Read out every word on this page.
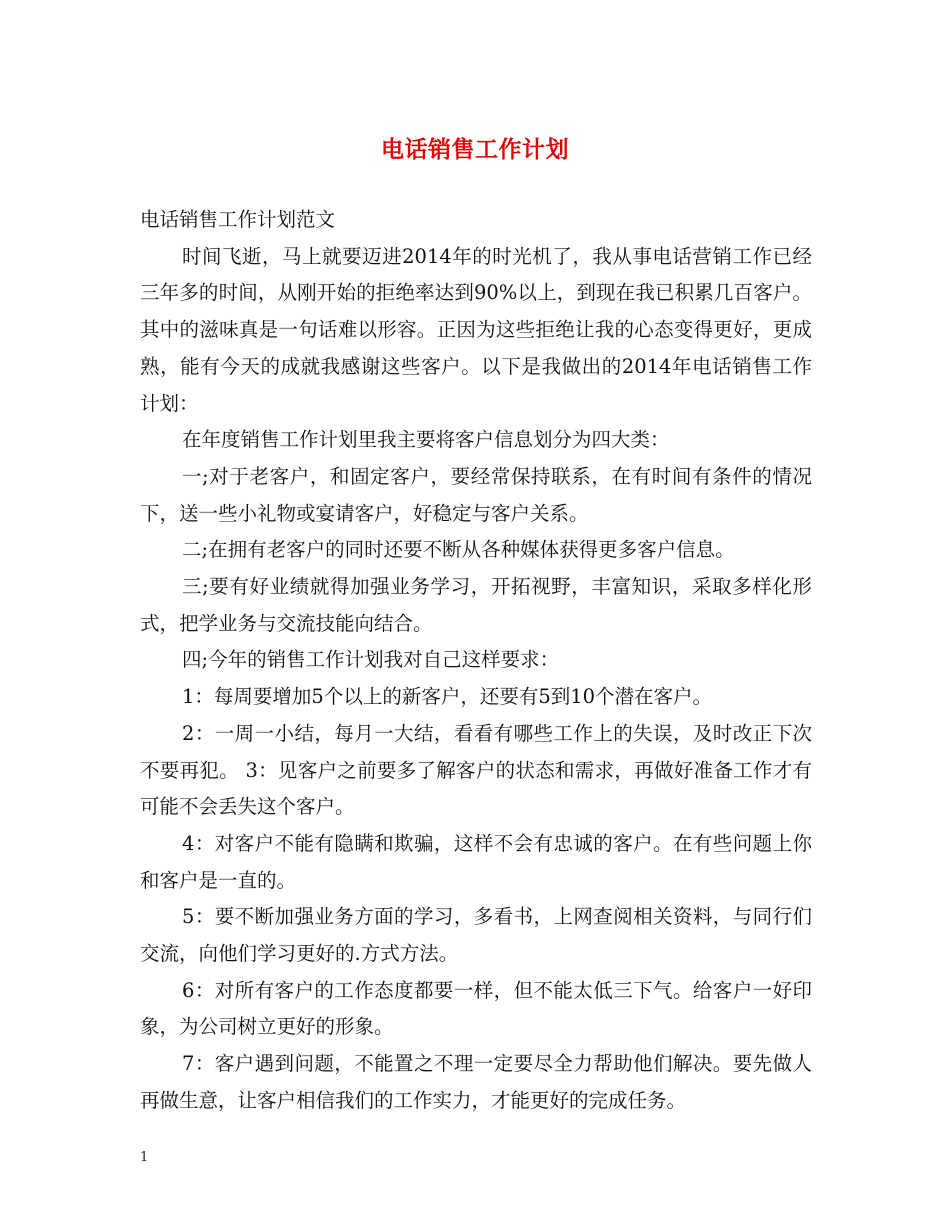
电话销售工作计划

电话销售工作计划范文

时间飞逝，马上就要迈进2014年的时光机了，我从事电话营销工作已经三年多的时间，从刚开始的拒绝率达到90%以上，到现在我已积累几百客户。其中的滋味真是一句话难以形容。正因为这些拒绝让我的心态变得更好，更成熟，能有今天的成就我感谢这些客户。以下是我做出的2014年电话销售工作计划：

在年度销售工作计划里我主要将客户信息划分为四大类：

一;对于老客户，和固定客户，要经常保持联系，在有时间有条件的情况下，送一些小礼物或宴请客户，好稳定与客户关系。

二;在拥有老客户的同时还要不断从各种媒体获得更多客户信息。

三;要有好业绩就得加强业务学习，开拓视野，丰富知识，采取多样化形式，把学业务与交流技能向结合。

四;今年的销售工作计划我对自己这样要求：

1：每周要增加5个以上的新客户，还要有5到10个潜在客户。

2：一周一小结，每月一大结，看看有哪些工作上的失误，及时改正下次不要再犯。 3：见客户之前要多了解客户的状态和需求，再做好准备工作才有可能不会丢失这个客户。

4：对客户不能有隐瞒和欺骗，这样不会有忠诚的客户。在有些问题上你和客户是一直的。

5：要不断加强业务方面的学习，多看书，上网查阅相关资料，与同行们交流，向他们学习更好的.方式方法。

6：对所有客户的工作态度都要一样，但不能太低三下气。给客户一好印象，为公司树立更好的形象。

7：客户遇到问题，不能置之不理一定要尽全力帮助他们解决。要先做人再做生意，让客户相信我们的工作实力，才能更好的完成任务。

1
